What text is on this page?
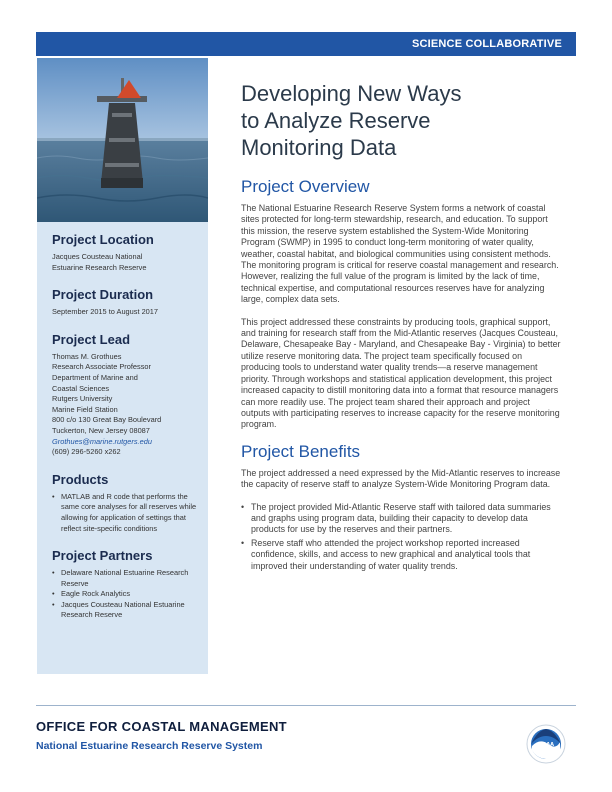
SCIENCE COLLABORATIVE
Project Location

Jacques Cousteau National

Estuarine Research Reserve

Project Duration

September 2015 to August 2017

Project Lead

Thomas M. Grothues

Research Associate Professor

Department of Marine and

Coastal Sciences

Rutgers University

Marine Field Station

800 c/o 130 Great Bay Boulevard

Tuckerton, New Jersey 08087

Grothues@marine.rutgers.edu

(609) 296-5260 x262

Products
• MATLAB and R code that performs the same core analyses for all reserves while allowing for application of settings that reflect site-specific conditions
Project Partners
• Delaware National Estuarine Research Reserve
• Eagle Rock Analytics
• Jacques Cousteau National Estuarine Research Reserve
Developing New Ways
to Analyze Reserve
Monitoring Data
Project Overview

The National Estuarine Research Reserve System forms a network of coastal sites protected for long-term stewardship, research, and education. To support this mission, the reserve system established the System-Wide Monitoring Program (SWMP) in 1995 to conduct long-term monitoring of water quality, weather, coastal habitat, and biological communities using consistent methods. The monitoring program is critical for reserve coastal management and research. However, realizing the full value of the program is limited by the lack of time, technical expertise, and computational resources reserves have for analyzing large, complex data sets.

This project addressed these constraints by producing tools, graphical support, and training for research staff from the Mid-Atlantic reserves (Jacques Cousteau, Delaware, Chesapeake Bay - Maryland, and Chesapeake Bay - Virginia) to better utilize reserve monitoring data. The project team specifically focused on producing tools to understand water quality trends—a reserve management priority. Through workshops and statistical application development, this project increased capacity to distill monitoring data into a format that resource managers can more readily use. The project team shared their approach and project outputs with participating reserves to increase capacity for the reserve monitoring program.

Project Benefits

The project addressed a need expressed by the Mid-Atlantic reserves to increase the capacity of reserve staff to analyze System-Wide Monitoring Program data.

• The project provided Mid-Atlantic Reserve staff with tailored data summaries and graphs using program data, building their capacity to develop data products for use by the reserves and their partners.
• Reserve staff who attended the project workshop reported increased confidence, skills, and access to new graphical and analytical tools that improved their understanding of water quality trends.
OFFICE FOR COASTAL MANAGEMENT
National Estuarine Research Reserve System	NOAA
